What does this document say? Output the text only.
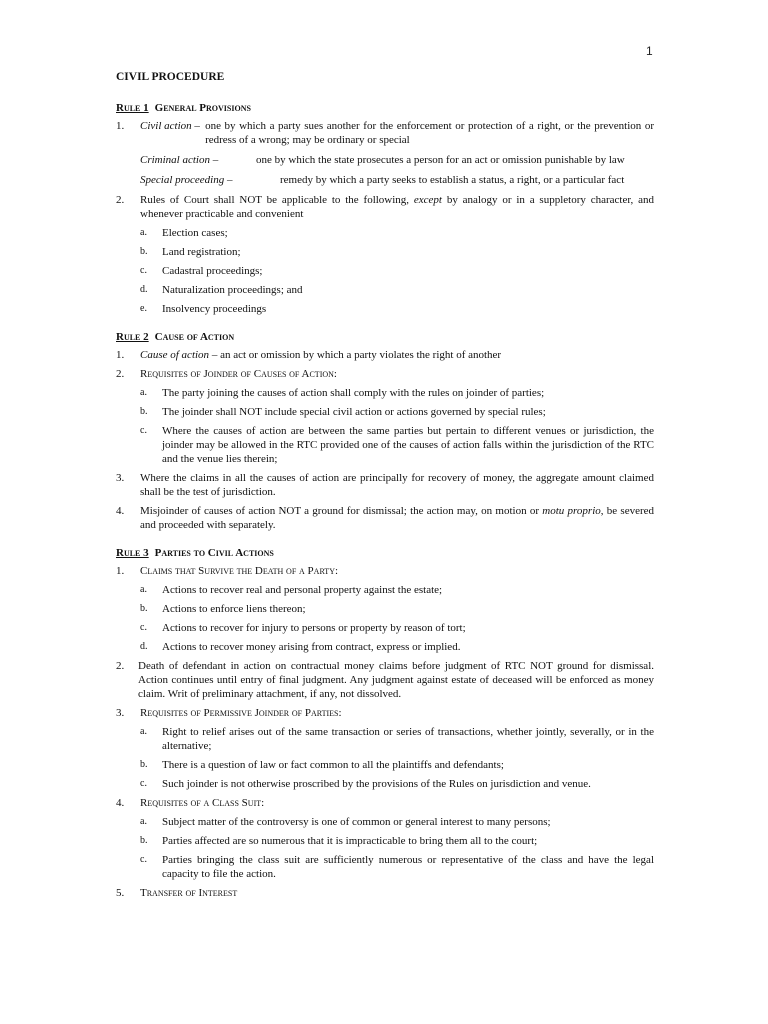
1
CIVIL PROCEDURE
Rule 1 General Provisions
1. Civil action – one by which a party sues another for the enforcement or protection of a right, or the prevention or redress of a wrong; may be ordinary or special
Criminal action –	one by which the state prosecutes a person for an act or omission punishable by law
Special proceeding –	remedy by which a party seeks to establish a status, a right, or a particular fact
2. Rules of Court shall NOT be applicable to the following, except by analogy or in a suppletory character, and whenever practicable and convenient
a. Election cases;
b. Land registration;
c. Cadastral proceedings;
d. Naturalization proceedings; and
e. Insolvency proceedings
Rule 2 Cause of Action
1. Cause of action – an act or omission by which a party violates the right of another
2. Requisites of Joinder of Causes of Action:
a. The party joining the causes of action shall comply with the rules on joinder of parties;
b. The joinder shall NOT include special civil action or actions governed by special rules;
c. Where the causes of action are between the same parties but pertain to different venues or jurisdiction, the joinder may be allowed in the RTC provided one of the causes of action falls within the jurisdiction of the RTC and the venue lies therein;
3. Where the claims in all the causes of action are principally for recovery of money, the aggregate amount claimed shall be the test of jurisdiction.
4. Misjoinder of causes of action NOT a ground for dismissal; the action may, on motion or motu proprio, be severed and proceeded with separately.
Rule 3 Parties to Civil Actions
1. Claims that Survive the Death of a Party:
a. Actions to recover real and personal property against the estate;
b. Actions to enforce liens thereon;
c. Actions to recover for injury to persons or property by reason of tort;
d. Actions to recover money arising from contract, express or implied.
2. Death of defendant in action on contractual money claims before judgment of RTC NOT ground for dismissal. Action continues until entry of final judgment. Any judgment against estate of deceased will be enforced as money claim. Writ of preliminary attachment, if any, not dissolved.
3. Requisites of Permissive Joinder of Parties:
a. Right to relief arises out of the same transaction or series of transactions, whether jointly, severally, or in the alternative;
b. There is a question of law or fact common to all the plaintiffs and defendants;
c. Such joinder is not otherwise proscribed by the provisions of the Rules on jurisdiction and venue.
4. Requisites of a Class Suit:
a. Subject matter of the controversy is one of common or general interest to many persons;
b. Parties affected are so numerous that it is impracticable to bring them all to the court;
c. Parties bringing the class suit are sufficiently numerous or representative of the class and have the legal capacity to file the action.
5. Transfer of Interest
